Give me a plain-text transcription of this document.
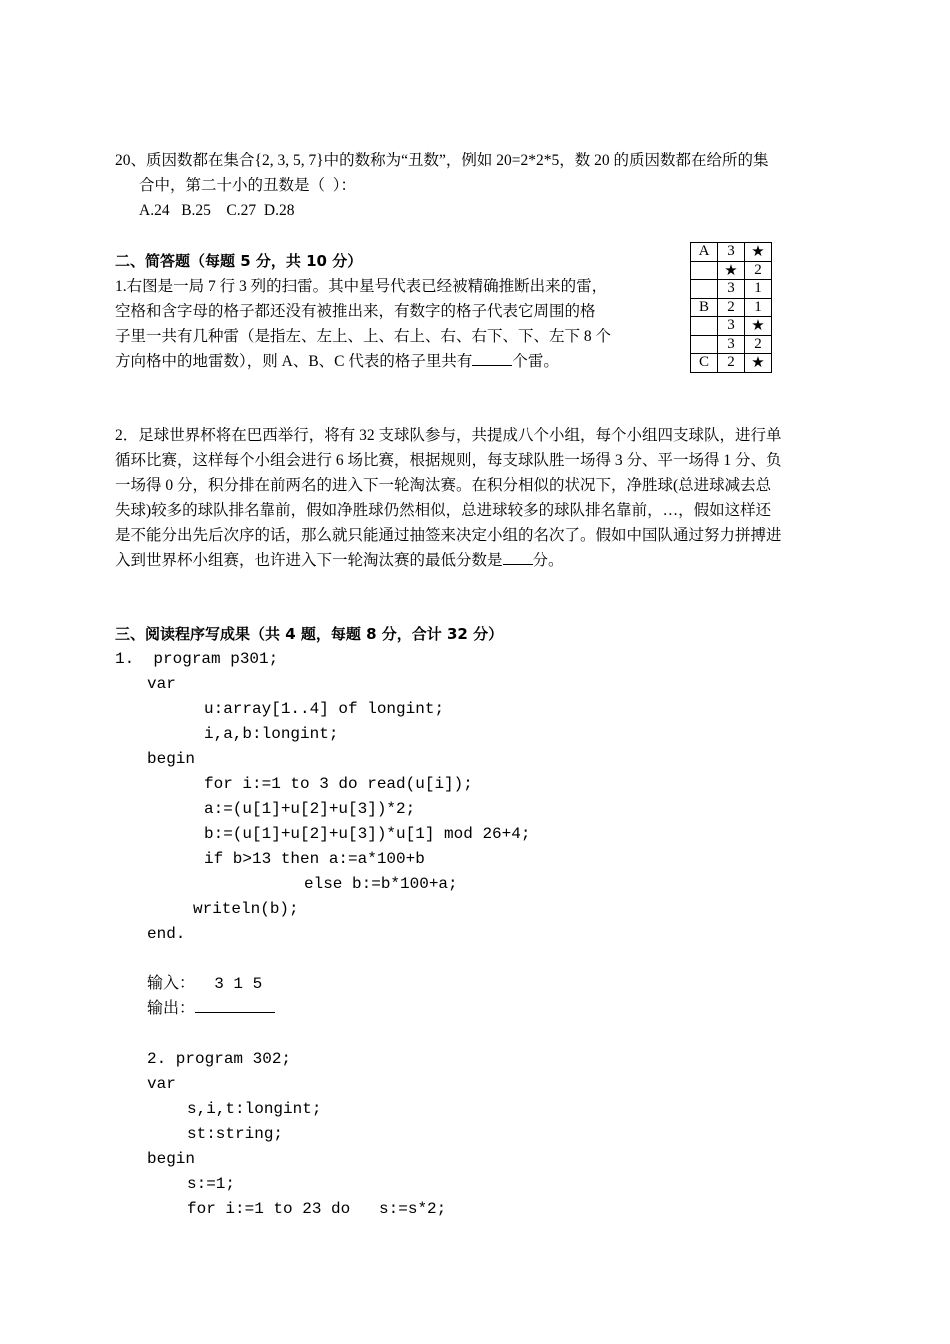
20、质因数都在集合{2, 3, 5, 7}中的数称为“丑数”，例如 20=2*2*5，数 20 的质因数都在给所的集
合中，第二十小的丑数是（  ）：
A.24   B.25    C.27  D.28
二、简答题（每题 5 分，共 10 分）
1.右图是一局 7 行 3 列的扫雷。其中星号代表已经被精确推断出来的雷，
空格和含字母的格子都还没有被推出来，有数字的格子代表它周围的格
子里一共有几种雷（是指左、左上、上、右上、右、右下、下、左下 8 个
方向格中的地雷数），则 A、B、C 代表的格子里共有	个雷。
A	3	★
	★	2
	3	1
B	2	1
	3	★
	3	2
C	2	★
2．足球世界杯将在巴西举行，将有 32 支球队参与，共提成八个小组，每个小组四支球队，进行单
循环比赛，这样每个小组会进行 6 场比赛，根据规则，每支球队胜一场得 3 分、平一场得 1 分、负
一场得 0 分，积分排在前两名的进入下一轮淘汰赛。在积分相似的状况下，净胜球(总进球减去总
失球)较多的球队排名靠前，假如净胜球仍然相似，总进球较多的球队排名靠前，…，假如这样还
是不能分出先后次序的话，那么就只能通过抽签来决定小组的名次了。假如中国队通过努力拼搏进
入到世界杯小组赛，也许进入下一轮淘汰赛的最低分数是 分。
三、阅读程序写成果（共 4 题，每题 8 分，合计 32 分）
1.  program p301;
var
u:array[1..4] of longint;
i,a,b:longint;
begin
for i:=1 to 3 do read(u[i]);
a:=(u[1]+u[2]+u[3])*2;
b:=(u[1]+u[2]+u[3])*u[1] mod 26+4;
if b>13 then a:=a*100+b
else b:=b*100+a;
writeln(b);
end.
输入：  3 1 5
输出：
2. program 302;
var
s,i,t:longint;
st:string;
begin
s:=1;
for i:=1 to 23 do   s:=s*2;
